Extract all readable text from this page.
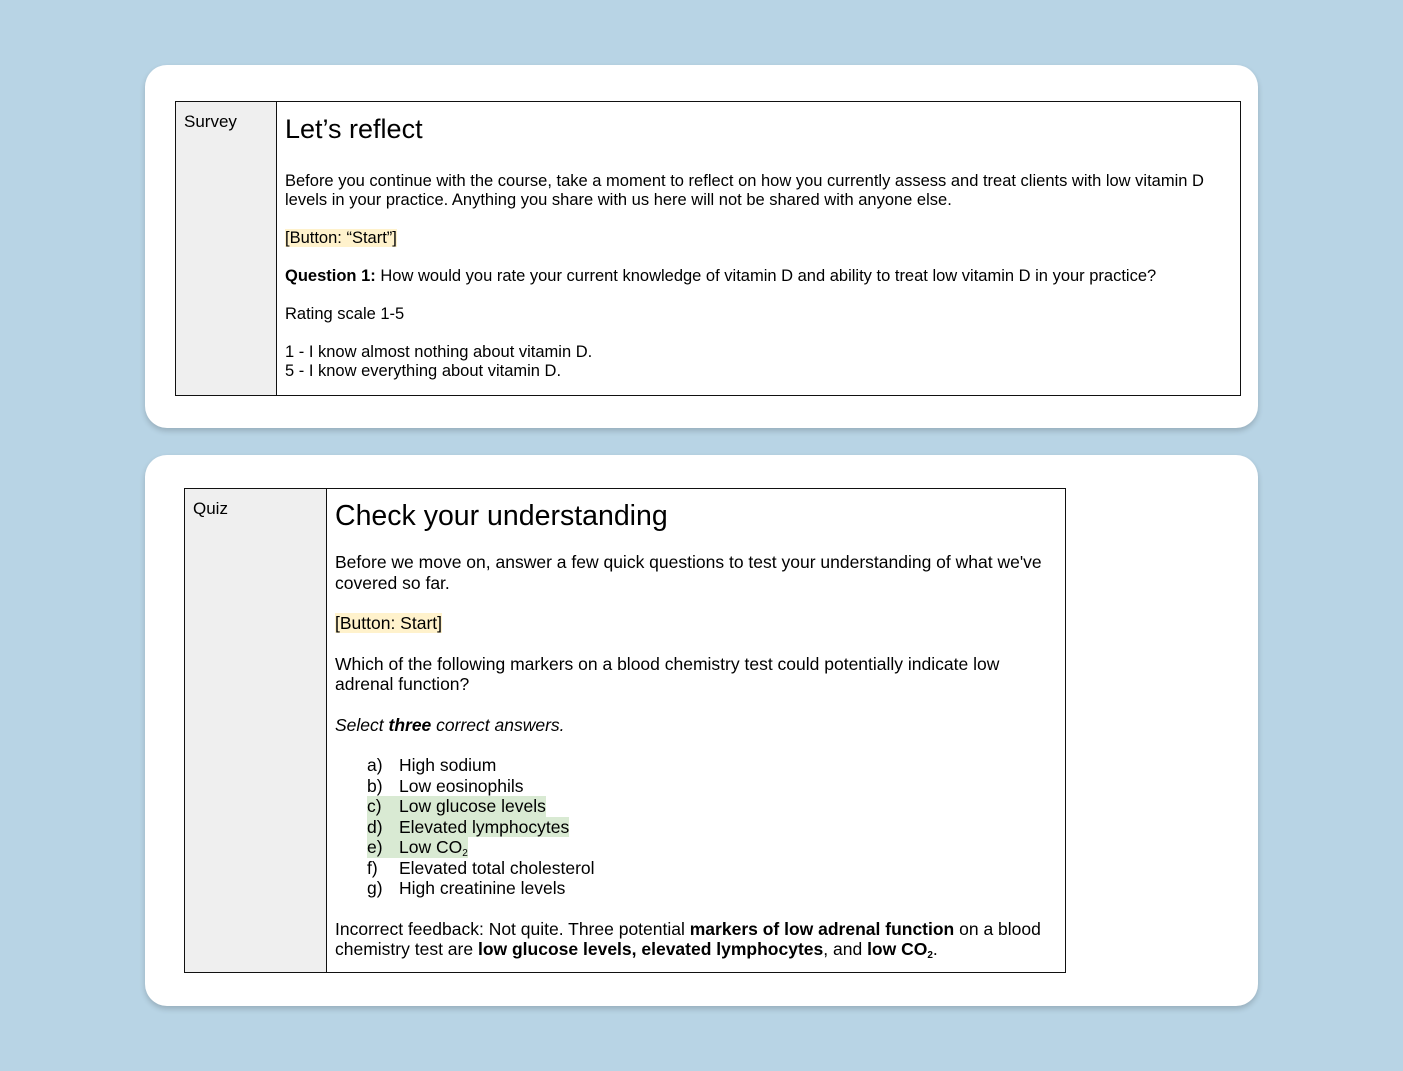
Survey	Let’s reflect

Before you continue with the course, take a moment to reflect on how you currently assess and treat clients with low vitamin D levels in your practice. Anything you share with us here will not be shared with anyone else.

[Button: “Start”]

Question 1: How would you rate your current knowledge of vitamin D and ability to treat low vitamin D in your practice?

Rating scale 1-5

1 - I know almost nothing about vitamin D.
5 - I know everything about vitamin D.

Quiz	Check your understanding

Before we move on, answer a few quick questions to test your understanding of what we've covered so far.

[Button: Start]

Which of the following markers on a blood chemistry test could potentially indicate low adrenal function?

Select three correct answers.

a) High sodium
b) Low eosinophils
c) Low glucose levels
d) Elevated lymphocytes
e) Low $CO_2$
f) Elevated total cholesterol
g) High creatinine levels

Incorrect feedback: Not quite. Three potential markers of low adrenal function on a blood chemistry test are low glucose levels, elevated lymphocytes, and low $CO_2$.
